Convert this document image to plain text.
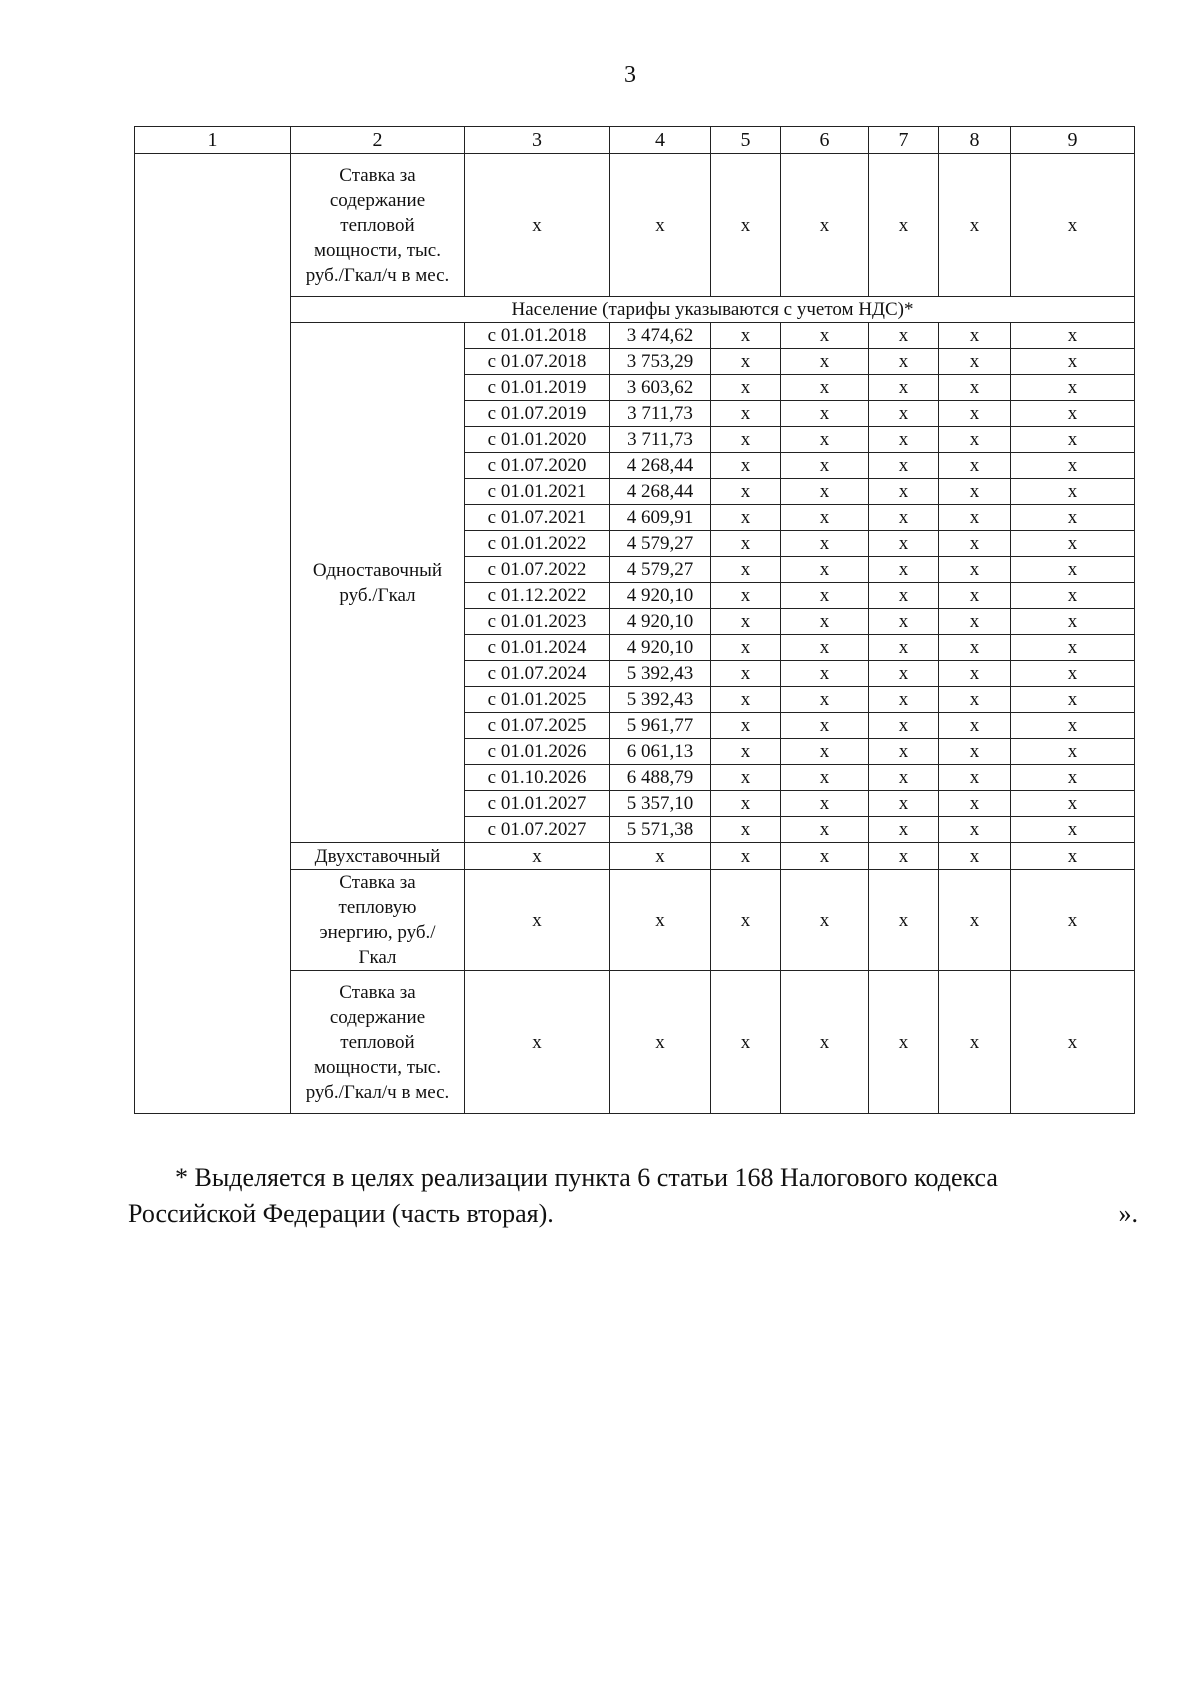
3
1	2	3	4	5	6	7	8	9
	Ставка за содержание тепловой мощности, тыс. руб./Гкал/ч в мес.	х	х	х	х	х	х	х
	Население (тарифы указываются с учетом НДС)*							
	Одноставочный руб./Гкал	с 01.01.2018	3 474,62	х	х	х	х	х
		с 01.07.2018	3 753,29	х	х	х	х	х
		с 01.01.2019	3 603,62	х	х	х	х	х
		с 01.07.2019	3 711,73	х	х	х	х	х
		с 01.01.2020	3 711,73	х	х	х	х	х
		с 01.07.2020	4 268,44	х	х	х	х	х
		с 01.01.2021	4 268,44	х	х	х	х	х
		с 01.07.2021	4 609,91	х	х	х	х	х
		с 01.01.2022	4 579,27	х	х	х	х	х
		с 01.07.2022	4 579,27	х	х	х	х	х
		с 01.12.2022	4 920,10	х	х	х	х	х
		с 01.01.2023	4 920,10	х	х	х	х	х
		с 01.01.2024	4 920,10	х	х	х	х	х
		с 01.07.2024	5 392,43	х	х	х	х	х
		с 01.01.2025	5 392,43	х	х	х	х	х
		с 01.07.2025	5 961,77	х	х	х	х	х
		с 01.01.2026	6 061,13	х	х	х	х	х
		с 01.10.2026	6 488,79	х	х	х	х	х
		с 01.01.2027	5 357,10	х	х	х	х	х
		с 01.07.2027	5 571,38	х	х	х	х	х
	Двухставочный	х	х	х	х	х	х	х
	Ставка за тепловую энергию, руб./Гкал	х	х	х	х	х	х	х
	Ставка за содержание тепловой мощности, тыс. руб./Гкал/ч в мес.	х	х	х	х	х	х	х
* Выделяется в целях реализации пункта 6 статьи 168 Налогового кодекса
Российской Федерации (часть вторая).	».
